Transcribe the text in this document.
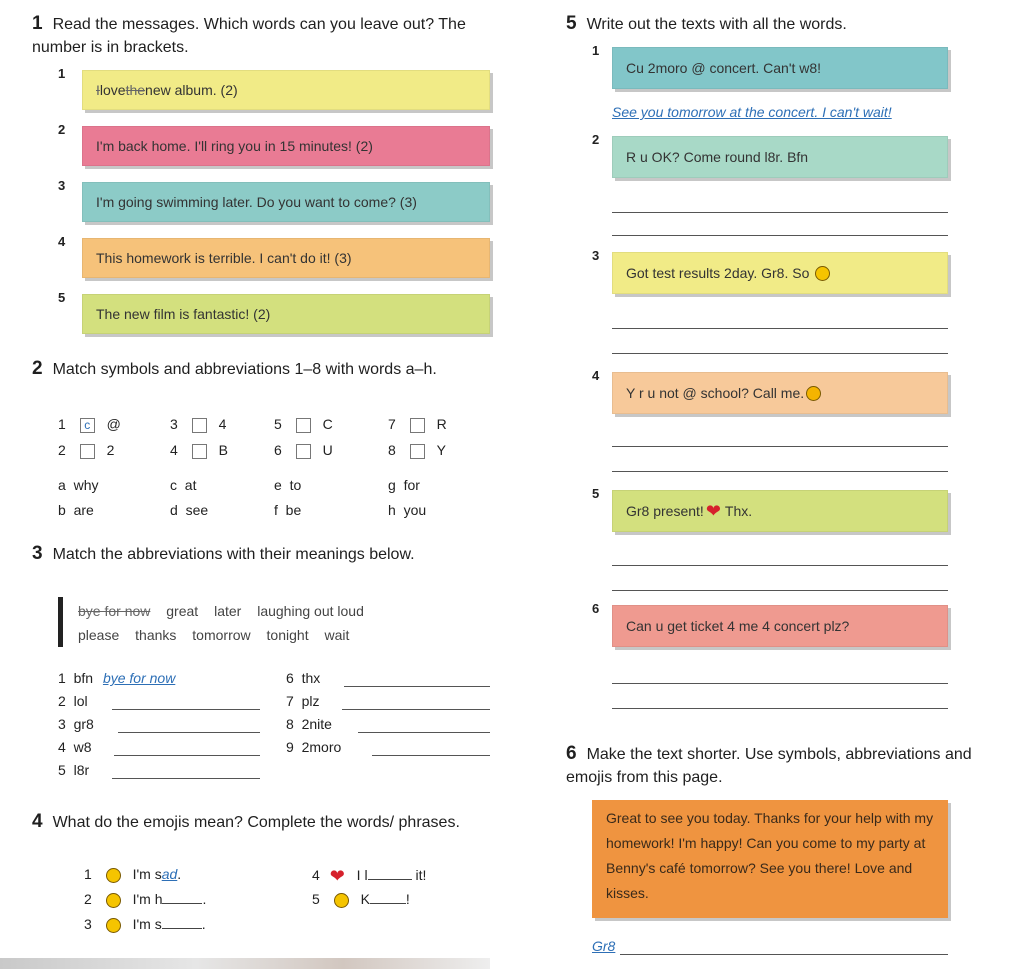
1 Read the messages. Which words can you leave out? The number is in brackets.
1
I love the new album. (2)
2
I'm back home. I'll ring you in 15 minutes! (2)
3
I'm going swimming later. Do you want to come? (3)
4
This homework is terrible. I can't do it! (3)
5
The new film is fantastic! (2)
2 Match symbols and abbreviations 1–8 with words a–h.
1 c @	3	4	5	C	7	R
2	2	4	B	6	U	8	Y
a why	c at	e to	g for
b are	d see	f be	h you
3 Match the abbreviations with their meanings below.
bye for now great later laughing out loud
please thanks tomorrow tonight wait
1 bfn bye for now
2 lol
3 gr8
4 w8
5 l8r
6 thx
7 plz
8 2nite
9 2moro
4 What do the emojis mean? Complete the words/ phrases.
1	I'm sad.
2	I'm h	.
3	I'm s	.
4 ❤ I l	it!
5	K	!
5 Write out the texts with all the words.
1
Cu 2moro @ concert. Can't w8!
See you tomorrow at the concert. I can't wait!
2
R u OK? Come round l8r. Bfn
3
Got test results 2day. Gr8. So
4
Y r u not @ school? Call me.
5
Gr8 present! ❤ Thx.
6
Can u get ticket 4 me 4 concert plz?
6 Make the text shorter. Use symbols, abbreviations and emojis from this page.
Great to see you today. Thanks for your help with my homework! I'm happy! Can you come to my party at Benny's café tomorrow? See you there! Love and kisses.
Gr8
